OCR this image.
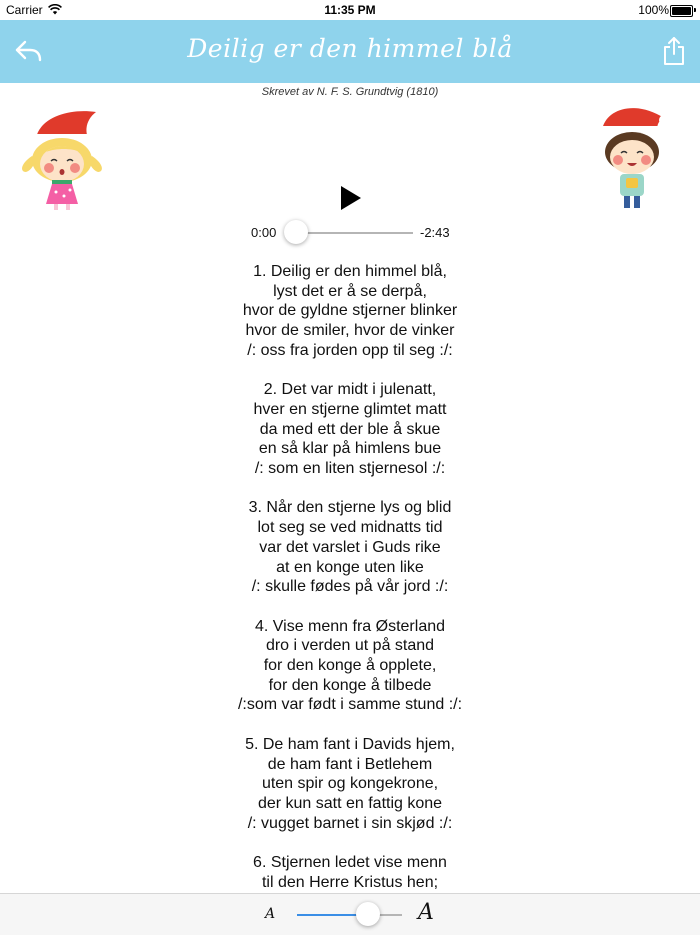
Carrier	11:35 PM	100%
Deilig er den himmel blå
Skrevet av N. F. S. Grundtvig (1810)
0:00	-2:43
1. Deilig er den himmel blå,
lyst det er å se derpå,
hvor de gyldne stjerner blinker
hvor de smiler, hvor de vinker
/: oss fra jorden opp til seg :/:
2. Det var midt i julenatt,
hver en stjerne glimtet matt
da med ett der ble å skue
en så klar på himlens bue
/: som en liten stjernesol :/:
3. Når den stjerne lys og blid
lot seg se ved midnatts tid
var det varslet i Guds rike
at en konge uten like
/: skulle fødes på vår jord :/:
4. Vise menn fra Østerland
dro i verden ut på stand
for den konge å opplete,
for den konge å tilbede
/:som var født i samme stund :/:
5. De ham fant i Davids hjem,
de ham fant i Betlehem
uten spir og kongekrone,
der kun satt en fattig kone
/: vugget barnet i sin skjød :/:
6. Stjernen ledet vise menn
til den Herre Kristus hen;
A	A
